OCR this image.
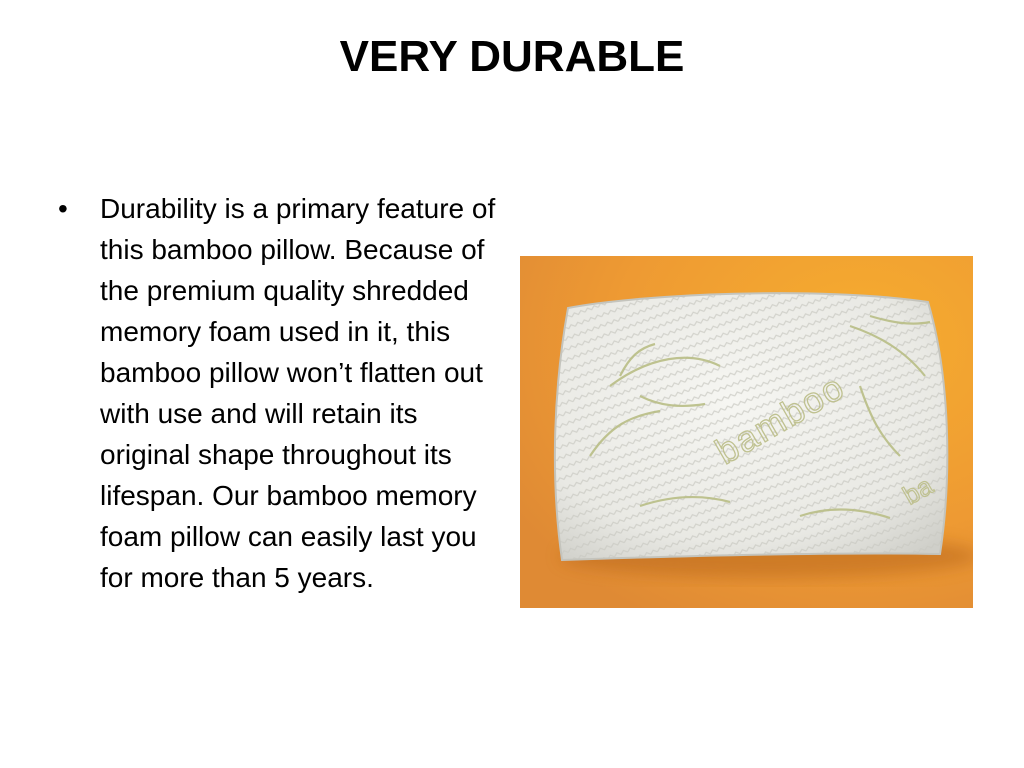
VERY DURABLE
•	Durability is a primary feature of this bamboo pillow. Because of the premium quality shredded memory foam used in it, this bamboo pillow won’t flatten out with use and will retain its original shape throughout its lifespan. Our bamboo memory foam pillow can easily last you for more than 5 years.
bamboo
ba
